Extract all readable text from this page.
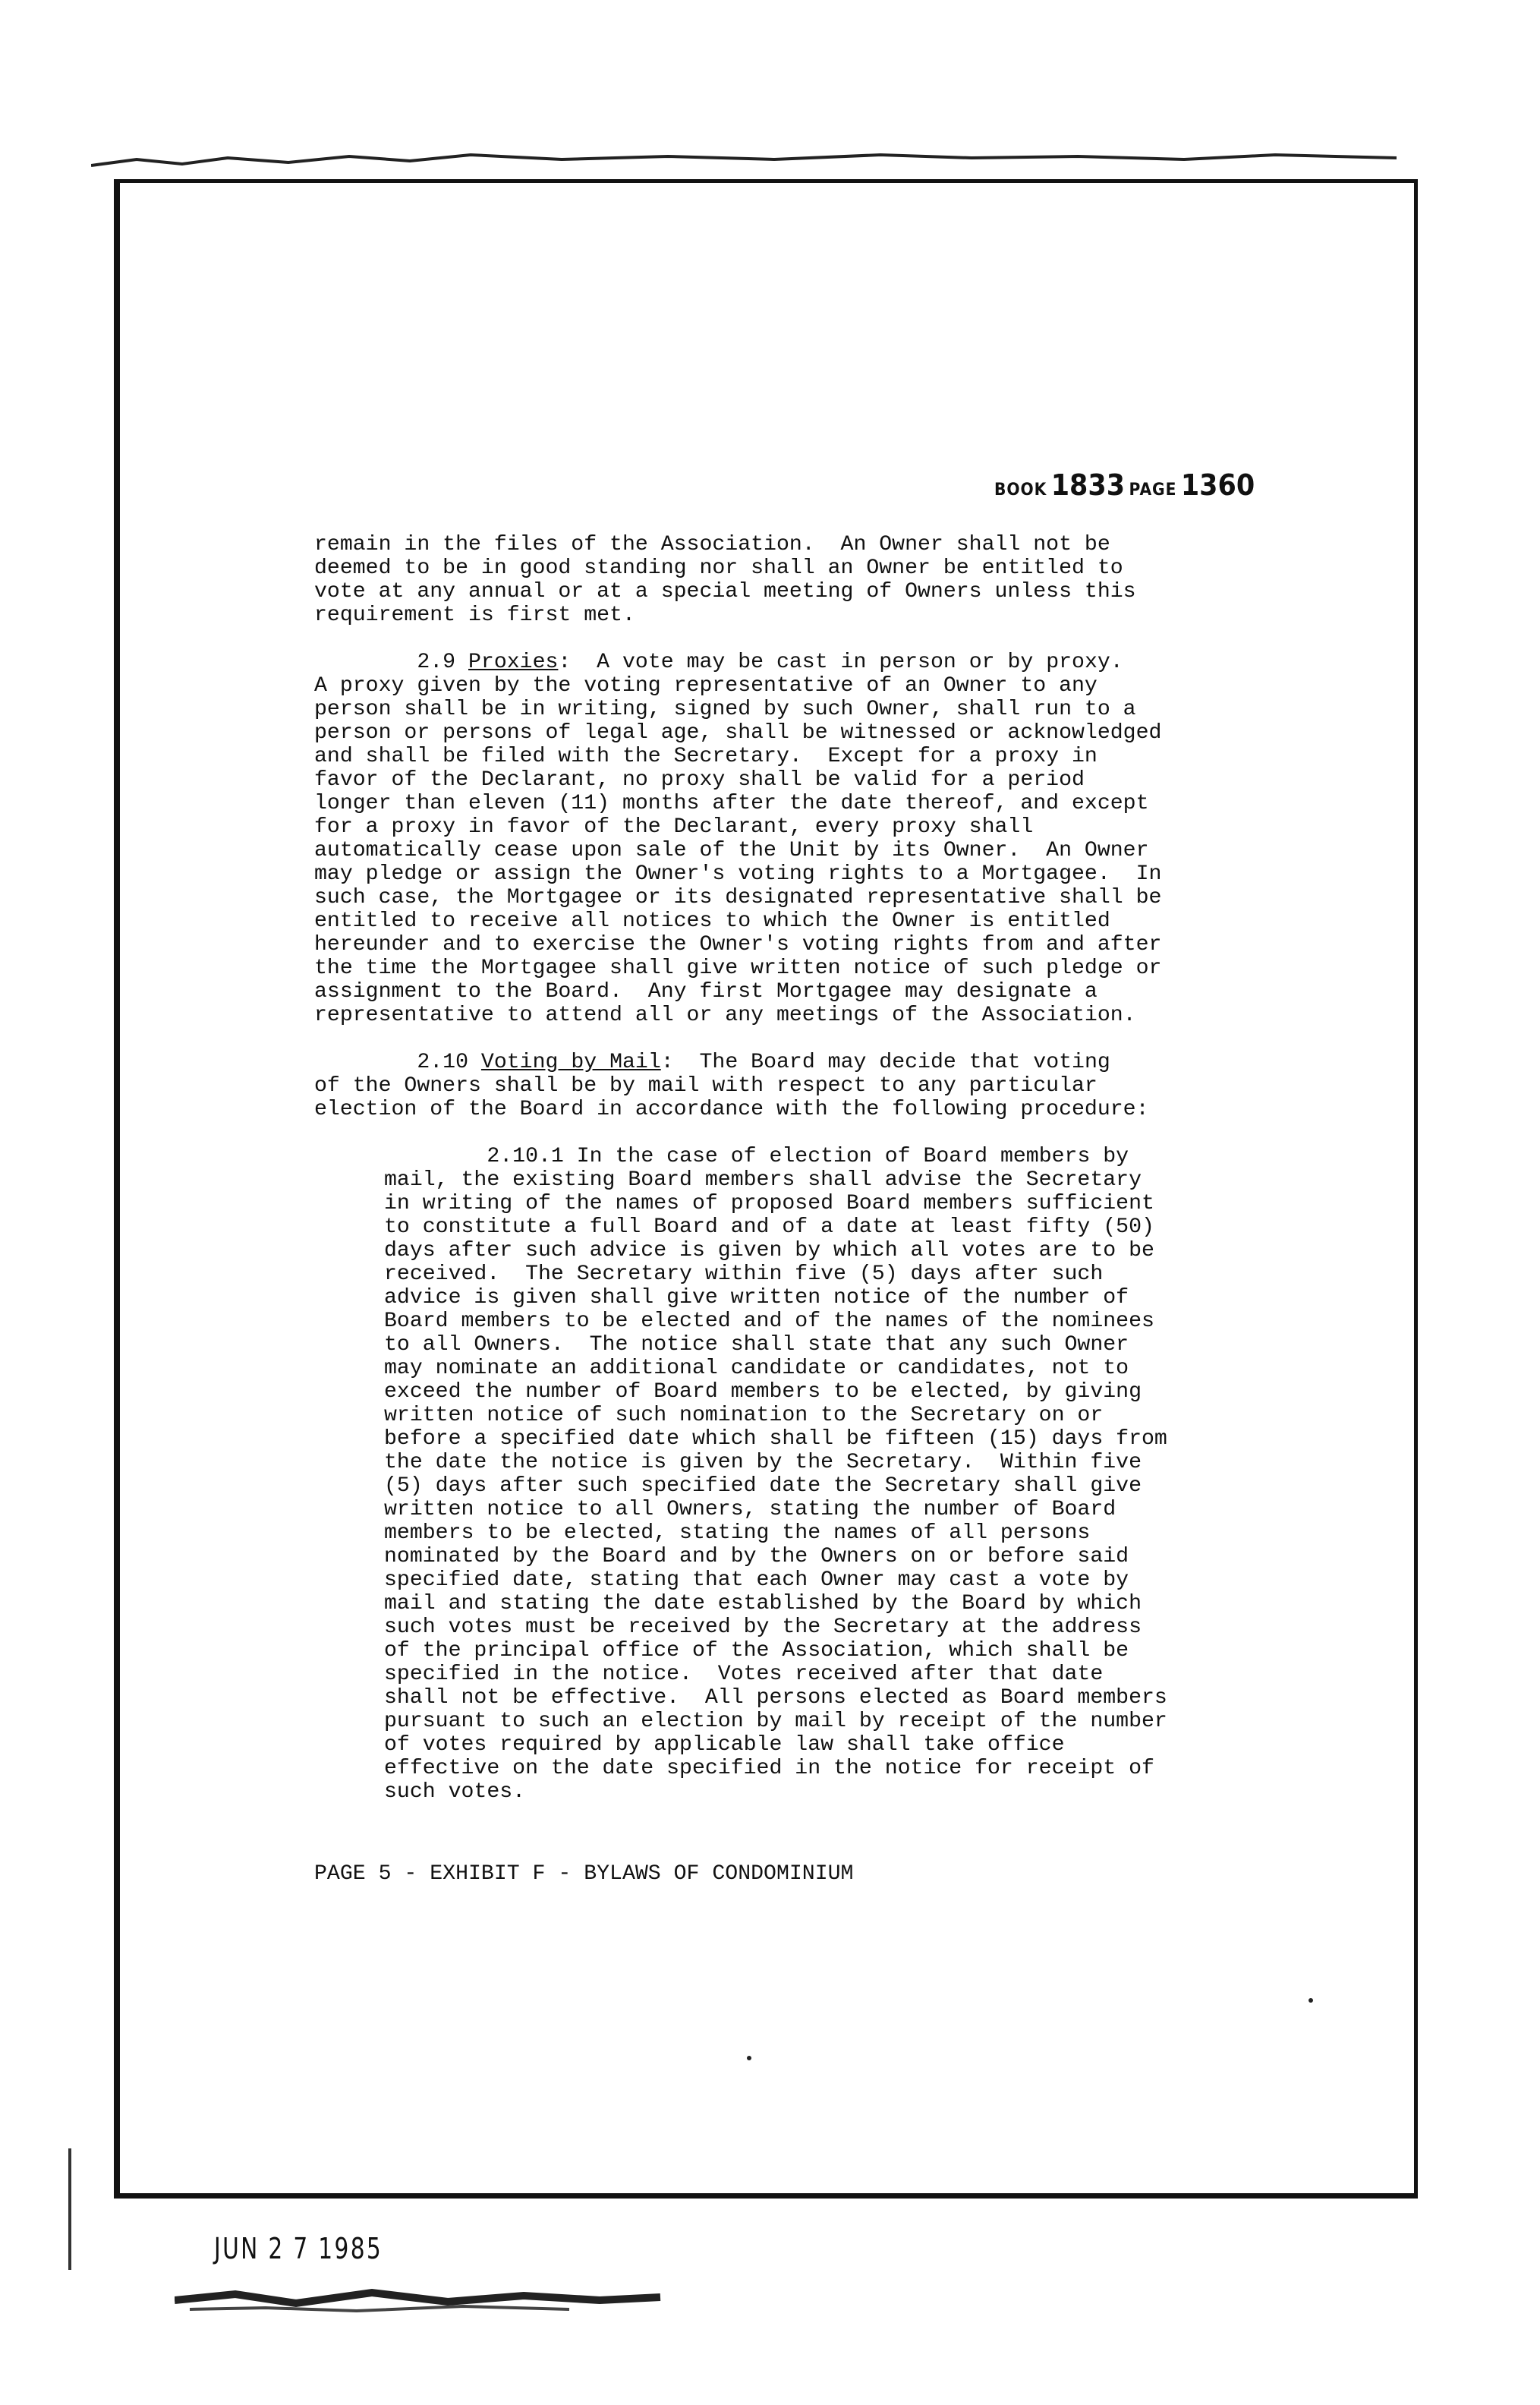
BOOK 1833 PAGE 1360

remain in the files of the Association.  An Owner shall not be
deemed to be in good standing nor shall an Owner be entitled to
vote at any annual or at a special meeting of Owners unless this
requirement is first met.

2.9 Proxies:  A vote may be cast in person or by proxy.
A proxy given by the voting representative of an Owner to any
person shall be in writing, signed by such Owner, shall run to a
person or persons of legal age, shall be witnessed or acknowledged
and shall be filed with the Secretary.  Except for a proxy in
favor of the Declarant, no proxy shall be valid for a period
longer than eleven (11) months after the date thereof, and except
for a proxy in favor of the Declarant, every proxy shall
automatically cease upon sale of the Unit by its Owner.  An Owner
may pledge or assign the Owner's voting rights to a Mortgagee.  In
such case, the Mortgagee or its designated representative shall be
entitled to receive all notices to which the Owner is entitled
hereunder and to exercise the Owner's voting rights from and after
the time the Mortgagee shall give written notice of such pledge or
assignment to the Board.  Any first Mortgagee may designate a
representative to attend all or any meetings of the Association.

2.10 Voting by Mail:  The Board may decide that voting
of the Owners shall be by mail with respect to any particular
election of the Board in accordance with the following procedure:

2.10.1 In the case of election of Board members by
mail, the existing Board members shall advise the Secretary
in writing of the names of proposed Board members sufficient
to constitute a full Board and of a date at least fifty (50)
days after such advice is given by which all votes are to be
received.  The Secretary within five (5) days after such
advice is given shall give written notice of the number of
Board members to be elected and of the names of the nominees
to all Owners.  The notice shall state that any such Owner
may nominate an additional candidate or candidates, not to
exceed the number of Board members to be elected, by giving
written notice of such nomination to the Secretary on or
before a specified date which shall be fifteen (15) days from
the date the notice is given by the Secretary.  Within five
(5) days after such specified date the Secretary shall give
written notice to all Owners, stating the number of Board
members to be elected, stating the names of all persons
nominated by the Board and by the Owners on or before said
specified date, stating that each Owner may cast a vote by
mail and stating the date established by the Board by which
such votes must be received by the Secretary at the address
of the principal office of the Association, which shall be
specified in the notice.  Votes received after that date
shall not be effective.  All persons elected as Board members
pursuant to such an election by mail by receipt of the number
of votes required by applicable law shall take office
effective on the date specified in the notice for receipt of
such votes.

PAGE 5 - EXHIBIT F - BYLAWS OF CONDOMINIUM
JUN 2 7 1985
